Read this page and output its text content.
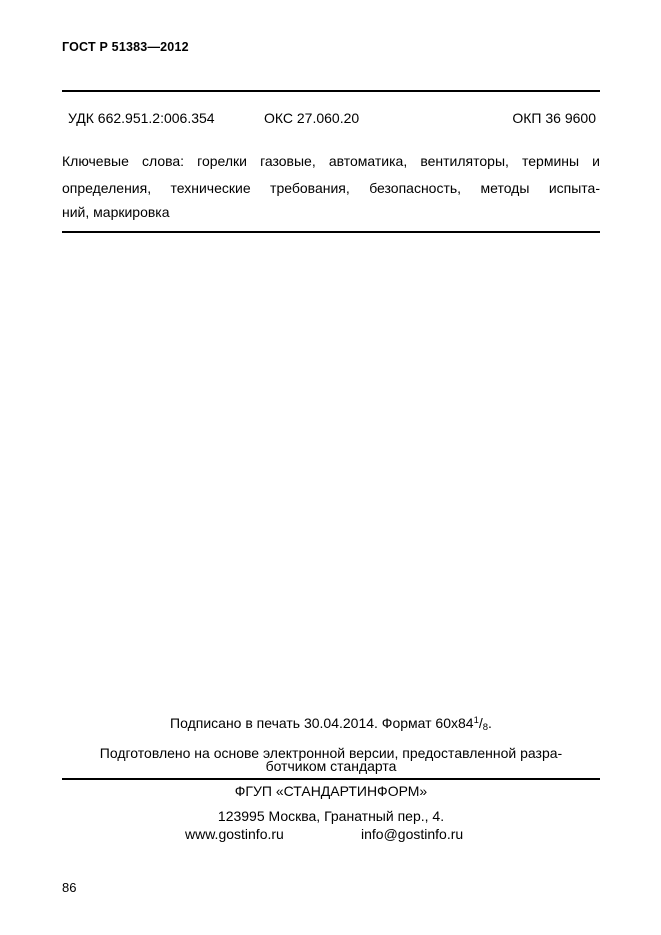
ГОСТ Р 51383—2012
УДК 662.951.2:006.354	ОКС 27.060.20	ОКП 36 9600
Ключевые слова: горелки газовые, автоматика, вентиляторы, термины и
определения, технические требования, безопасность, методы испыта-
ний, маркировка
Подписано в печать 30.04.2014. Формат $60x84^1/8$.
Подготовлено на основе электронной версии, предоставленной разра-
ботчиком стандарта
ФГУП «СТАНДАРТИНФОРМ»
123995 Москва, Гранатный пер., 4.
www.gostinfo.ru	info@gostinfo.ru
86
